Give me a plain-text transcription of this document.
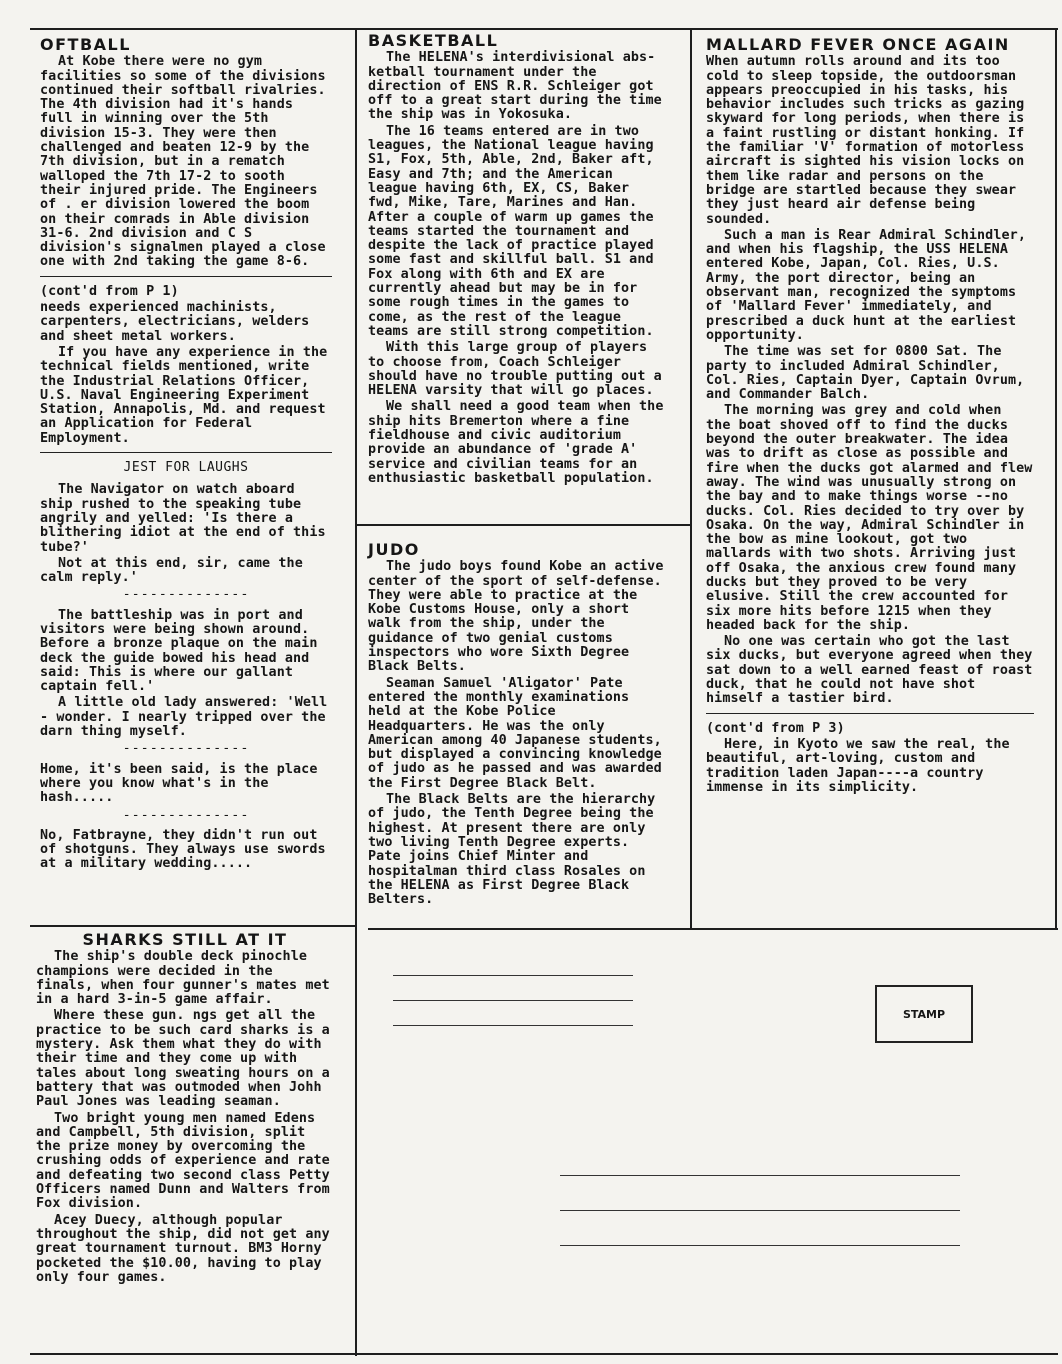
OFTBALL

At Kobe there were no gym facilities so some of the divisions continued their softball rivalries. The 4th division had it's hands full in winning over the 5th division 15-3. They were then challenged and beaten 12-9 by the 7th division, but in a rematch walloped the 7th 17-2 to sooth their injured pride. The Engineers of . er division lowered the boom on their comrads in Able division 31-6. 2nd division and C S division's signalmen played a close one with 2nd taking the game 8-6.

(cont'd from P 1)

needs experienced machinists, carpenters, electricians, welders and sheet metal workers.

If you have any experience in the technical fields mentioned, write the Industrial Relations Officer, U.S. Naval Engineering Experiment Station, Annapolis, Md. and request an Application for Federal Employment.

JEST FOR LAUGHS

The Navigator on watch aboard ship rushed to the speaking tube angrily and yelled: 'Is there a blithering idiot at the end of this tube?'

Not at this end, sir, came the calm reply.'

--------------

The battleship was in port and visitors were being shown around. Before a bronze plaque on the main deck the guide bowed his head and said: This is where our gallant captain fell.'

A little old lady answered: 'Well - wonder. I nearly tripped over the darn thing myself.

--------------

Home, it's been said, is the place where you know what's in the hash.....

--------------

No, Fatbrayne, they didn't run out of shotguns. They always use swords at a military wedding.....

SHARKS STILL AT IT

The ship's double deck pinochle champions were decided in the finals, when four gunner's mates met in a hard 3-in-5 game affair.

Where these gun. ngs get all the practice to be such card sharks is a mystery. Ask them what they do with their time and they come up with tales about long sweating hours on a battery that was outmoded when Johh Paul Jones was leading seaman.

Two bright young men named Edens and Campbell, 5th division, split the prize money by overcoming the crushing odds of experience and rate and defeating two second class Petty Officers named Dunn and Walters from Fox division.

Acey Duecy, although popular throughout the ship, did not get any great tournament turnout. BM3 Horny pocketed the $10.00, having to play only four games.

BASKETBALL

The HELENA's interdivisional abs-ketball tournament under the direction of ENS R.R. Schleiger got off to a great start during the time the ship was in Yokosuka.

The 16 teams entered are in two leagues, the National league having S1, Fox, 5th, Able, 2nd, Baker aft, Easy and 7th; and the American league having 6th, EX, CS, Baker fwd, Mike, Tare, Marines and Han. After a couple of warm up games the teams started the tournament and despite the lack of practice played some fast and skillful ball. S1 and Fox along with 6th and EX are currently ahead but may be in for some rough times in the games to come, as the rest of the league teams are still strong competition.

With this large group of players to choose from, Coach Schleiger should have no trouble putting out a HELENA varsity that will go places.

We shall need a good team when the ship hits Bremerton where a fine fieldhouse and civic auditorium provide an abundance of 'grade A' service and civilian teams for an enthusiastic basketball population.

JUDO

The judo boys found Kobe an active center of the sport of self-defense. They were able to practice at the Kobe Customs House, only a short walk from the ship, under the guidance of two genial customs inspectors who wore Sixth Degree Black Belts.

Seaman Samuel 'Aligator' Pate entered the monthly examinations held at the Kobe Police Headquarters. He was the only American among 40 Japanese students, but displayed a convincing knowledge of judo as he passed and was awarded the First Degree Black Belt.

The Black Belts are the hierarchy of judo, the Tenth Degree being the highest. At present there are only two living Tenth Degree experts. Pate joins Chief Minter and hospitalman third class Rosales on the HELENA as First Degree Black Belters.

MALLARD FEVER ONCE AGAIN

When autumn rolls around and its too cold to sleep topside, the outdoorsman appears preoccupied in his tasks, his behavior includes such tricks as gazing skyward for long periods, when there is a faint rustling or distant honking. If the familiar 'V' formation of motorless aircraft is sighted his vision locks on them like radar and persons on the bridge are startled because they swear they just heard air defense being sounded.

Such a man is Rear Admiral Schindler, and when his flagship, the USS HELENA entered Kobe, Japan, Col. Ries, U.S. Army, the port director, being an observant man, recognized the symptoms of 'Mallard Fever' immediately, and prescribed a duck hunt at the earliest opportunity.

The time was set for 0800 Sat. The party to included Admiral Schindler, Col. Ries, Captain Dyer, Captain Ovrum, and Commander Balch.

The morning was grey and cold when the boat shoved off to find the ducks beyond the outer breakwater. The idea was to drift as close as possible and fire when the ducks got alarmed and flew away. The wind was unusually strong on the bay and to make things worse --no ducks. Col. Ries decided to try over by Osaka. On the way, Admiral Schindler in the bow as mine lookout, got two mallards with two shots. Arriving just off Osaka, the anxious crew found many ducks but they proved to be very elusive. Still the crew accounted for six more hits before 1215 when they headed back for the ship.

No one was certain who got the last six ducks, but everyone agreed when they sat down to a well earned feast of roast duck, that he could not have shot himself a tastier bird.

(cont'd from P 3)

Here, in Kyoto we saw the real, the beautiful, art-loving, custom and tradition laden Japan----a country immense in its simplicity.

STAMP
